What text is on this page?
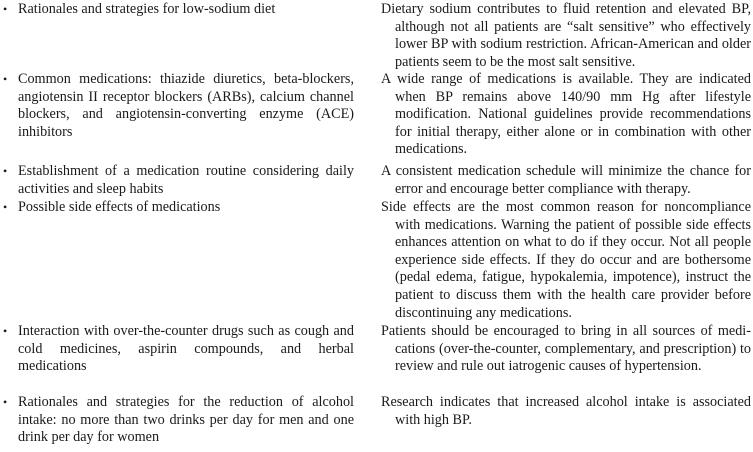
• Rationales and strategies for low-sodium diet	Dietary sodium contributes to fluid retention and elevated BP, although not all patients are “salt sensitive” who effectively lower BP with sodium restriction. African-American and older patients seem to be the most salt sensitive.
• Common medications: thiazide diuretics, beta-blockers, angiotensin II receptor blockers (ARBs), calcium channel blockers, and angiotensin-converting enzyme (ACE) inhibitors
A wide range of medications is available. They are indicated when BP remains above 140/90 mm Hg after lifestyle modification. National guidelines provide recommendations for initial therapy, either alone or in combination with other medications.
• Establishment of a medication routine considering daily activities and sleep habits
A consistent medication schedule will minimize the chance for error and encourage better compliance with therapy.
• Possible side effects of medications	Side effects are the most common reason for noncompliance with medications. Warning the patient of possible side effects enhances attention on what to do if they occur. Not all people experience side effects. If they do occur and are bothersome (pedal edema, fatigue, hypokalemia, impotence), instruct the patient to discuss them with the health care provider before discontinuing any medications.
• Interaction with over-the-counter drugs such as cough and cold medicines, aspirin compounds, and herbal medications
Patients should be encouraged to bring in all sources of medications (over-the-counter, complementary, and prescription) to review and rule out iatrogenic causes of hypertension.
• Rationales and strategies for the reduction of alcohol intake: no more than two drinks per day for men and one drink per day for women
Research indicates that increased alcohol intake is associated with high BP.
